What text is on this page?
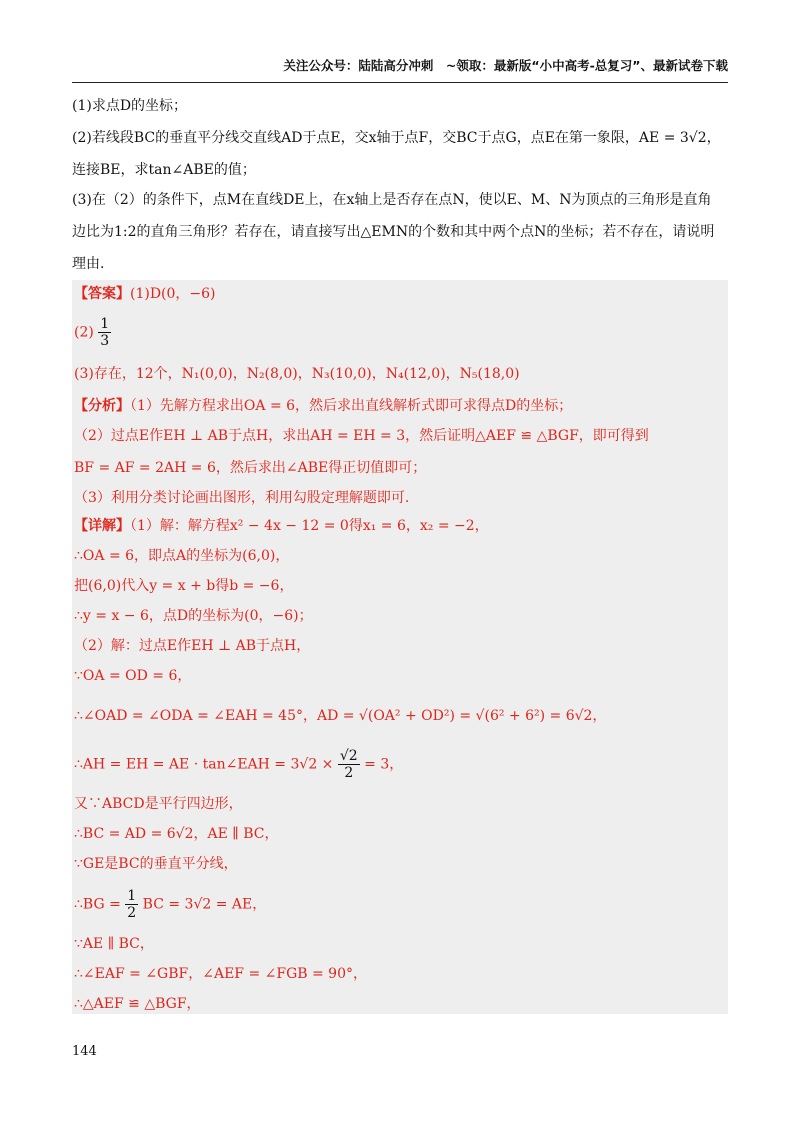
关注公众号：陆陆高分冲刺　~领取：最新版“小中高考-总复习”、最新试卷下载
(1)求点D的坐标；
(2)若线段BC的垂直平分线交直线AD于点E，交x轴于点F，交BC于点G，点E在第一象限，AE = 3√2，
连接BE，求tan∠ABE的值；
(3)在（2）的条件下，点M在直线DE上，在x轴上是否存在点N，使以E、M、N为顶点的三角形是直角
边比为1:2的直角三角形？若存在，请直接写出△EMN的个数和其中两个点N的坐标；若不存在，请说明
理由.
【答案】(1)D(0，−6)
$(2) \frac{1}{3}$
(3)存在，12个，N₁(0,0)，N₂(8,0)，N₃(10,0)，N₄(12,0)，N₅(18,0)
【分析】（1）先解方程求出OA = 6，然后求出直线解析式即可求得点D的坐标；
（2）过点E作EH ⊥ AB于点H，求出AH = EH = 3，然后证明△AEF ≌ △BGF，即可得到
BF = AF = 2AH = 6，然后求出∠ABE得正切值即可；
（3）利用分类讨论画出图形，利用勾股定理解题即可.
【详解】（1）解：解方程x² − 4x − 12 = 0得x₁ = 6，x₂ = −2，
∴OA = 6，即点A的坐标为(6,0)，
把(6,0)代入y = x + b得b = −6，
∴y = x − 6，点D的坐标为(0，−6)；
（2）解：过点E作EH ⊥ AB于点H，
∵OA = OD = 6，
∴∠OAD = ∠ODA = ∠EAH = 45°，AD = √(OA² + OD²) = √(6² + 6²) = 6√2，
∴AH = EH = AE · tan∠EAH = $3√2 \times \frac{√2}{2} = 3$，
又∵ABCD是平行四边形，
∴BC = AD = 6√2，AE ∥ BC，
∵GE是BC的垂直平分线，
∴BG = $\frac{1}{2}$ BC = 3√2 = AE，
∵AE ∥ BC，
∴∠EAF = ∠GBF，∠AEF = ∠FGB = 90°，
∴△AEF ≌ △BGF，
144
